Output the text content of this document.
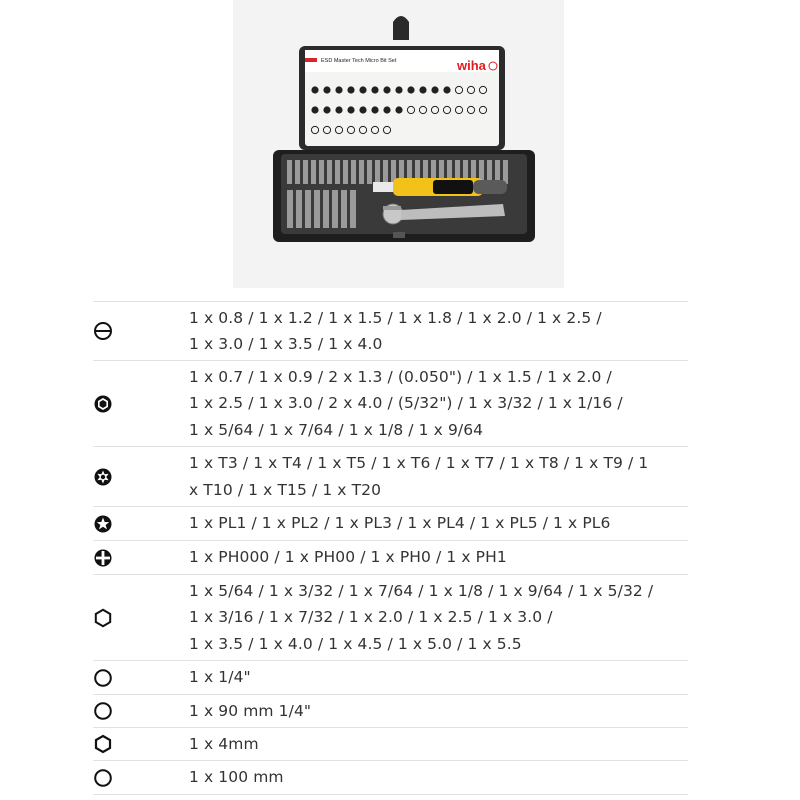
ESD Master Tech Micro Bit Set	wiha
1 x 0.8 / 1 x 1.2 / 1 x 1.5 / 1 x 1.8 / 1 x 2.0 / 1 x 2.5 /
1 x 3.0 / 1 x 3.5 / 1 x 4.0
1 x 0.7 / 1 x 0.9 / 2 x 1.3 / (0.050") / 1 x 1.5 / 1 x 2.0 /
1 x 2.5 / 1 x 3.0 / 2 x 4.0 / (5/32") / 1 x 3/32 / 1 x 1/16 /
1 x 5/64 / 1 x 7/64 / 1 x 1/8 / 1 x 9/64
1 x T3 / 1 x T4 / 1 x T5 / 1 x T6 / 1 x T7 / 1 x T8 / 1 x T9 / 1
x T10 / 1 x T15 / 1 x T20
1 x PL1 / 1 x PL2 / 1 x PL3 / 1 x PL4 / 1 x PL5 / 1 x PL6
1 x PH000 / 1 x PH00 / 1 x PH0 / 1 x PH1
1 x 5/64 / 1 x 3/32 / 1 x 7/64 / 1 x 1/8 / 1 x 9/64 / 1 x 5/32 /
1 x 3/16 / 1 x 7/32 / 1 x 2.0 / 1 x 2.5 / 1 x 3.0 /
1 x 3.5 / 1 x 4.0 / 1 x 4.5 / 1 x 5.0 / 1 x 5.5
1 x 1/4"
1 x 90 mm 1/4"
1 x 4mm
1 x 100 mm
